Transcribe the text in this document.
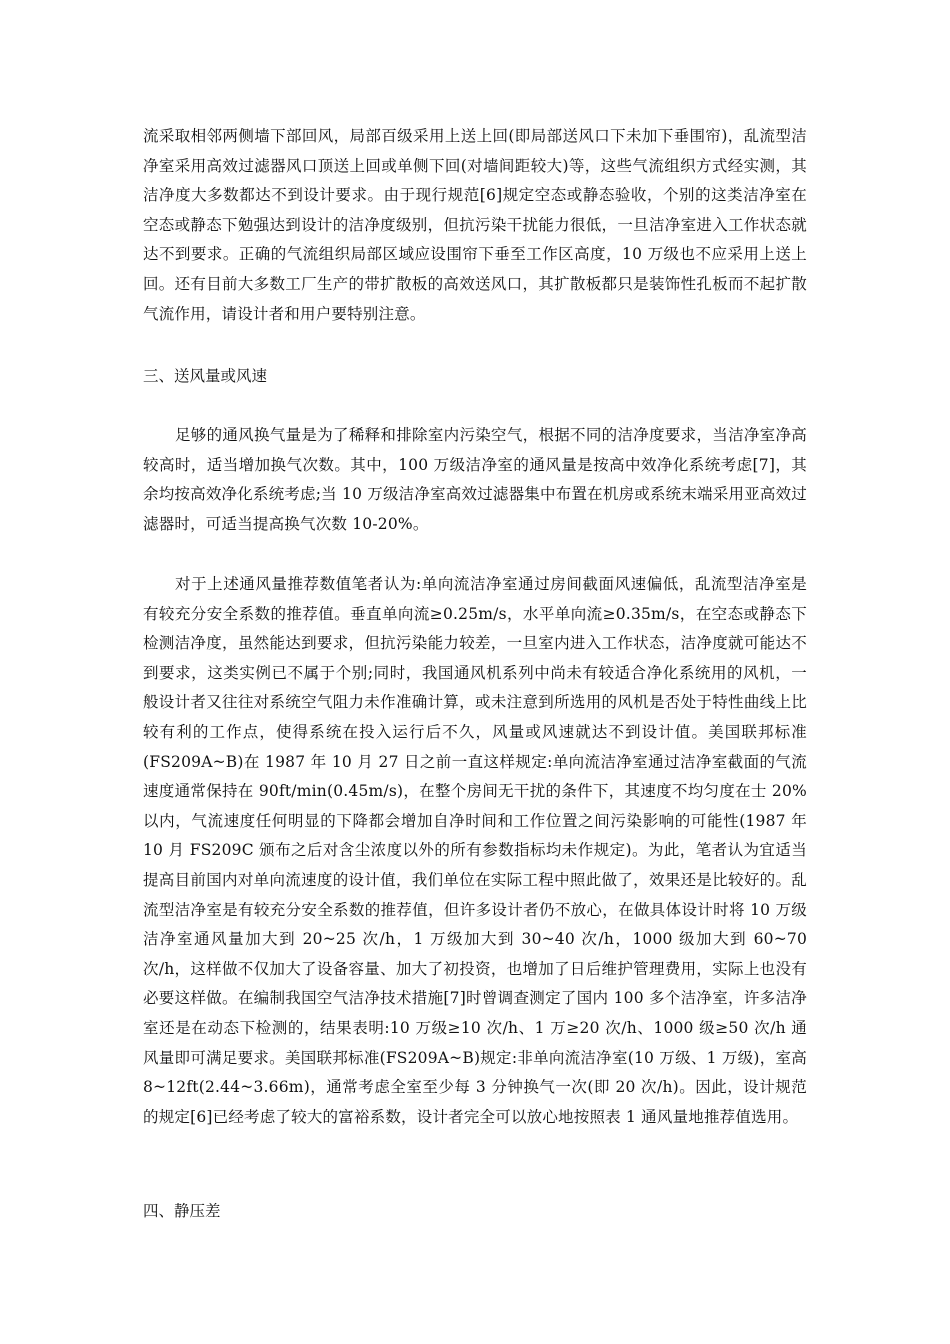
流采取相邻两侧墙下部回风，局部百级采用上送上回(即局部送风口下未加下垂围帘)，乱流型洁净室采用高效过滤器风口顶送上回或单侧下回(对墙间距较大)等，这些气流组织方式经实测，其洁净度大多数都达不到设计要求。由于现行规范[6]规定空态或静态验收，个别的这类洁净室在空态或静态下勉强达到设计的洁净度级别，但抗污染干扰能力很低，一旦洁净室进入工作状态就达不到要求。正确的气流组织局部区域应设围帘下垂至工作区高度，10 万级也不应采用上送上回。还有目前大多数工厂生产的带扩散板的高效送风口，其扩散板都只是装饰性孔板而不起扩散气流作用，请设计者和用户要特别注意。

三、送风量或风速

足够的通风换气量是为了稀释和排除室内污染空气，根据不同的洁净度要求，当洁净室净高较高时，适当增加换气次数。其中，100 万级洁净室的通风量是按高中效净化系统考虑[7]，其余均按高效净化系统考虑;当 10 万级洁净室高效过滤器集中布置在机房或系统末端采用亚高效过滤器时，可适当提高换气次数 10-20%。

对于上述通风量推荐数值笔者认为:单向流洁净室通过房间截面风速偏低，乱流型洁净室是有较充分安全系数的推荐值。垂直单向流≥0.25m/s，水平单向流≥0.35m/s，在空态或静态下检测洁净度，虽然能达到要求，但抗污染能力较差，一旦室内进入工作状态，洁净度就可能达不到要求，这类实例已不属于个别;同时，我国通风机系列中尚未有较适合净化系统用的风机，一般设计者又往往对系统空气阻力未作准确计算，或未注意到所选用的风机是否处于特性曲线上比较有利的工作点，使得系统在投入运行后不久，风量或风速就达不到设计值。美国联邦标准(FS209A~B)在 1987 年 10 月 27 日之前一直这样规定:单向流洁净室通过洁净室截面的气流速度通常保持在 90ft/min(0.45m/s)，在整个房间无干扰的条件下，其速度不均匀度在士 20%以内，气流速度任何明显的下降都会增加自净时间和工作位置之间污染影响的可能性(1987 年 10 月 FS209C 颁布之后对含尘浓度以外的所有参数指标均未作规定)。为此，笔者认为宜适当提高目前国内对单向流速度的设计值，我们单位在实际工程中照此做了，效果还是比较好的。乱流型洁净室是有较充分安全系数的推荐值，但许多设计者仍不放心，在做具体设计时将 10 万级洁净室通风量加大到 20~25 次/h，1 万级加大到 30~40 次/h，1000 级加大到 60~70 次/h，这样做不仅加大了设备容量、加大了初投资，也增加了日后维护管理费用，实际上也没有必要这样做。在编制我国空气洁净技术措施[7]时曾调查测定了国内 100 多个洁净室，许多洁净室还是在动态下检测的，结果表明:10 万级≥10 次/h、1 万≥20 次/h、1000 级≥50 次/h 通风量即可满足要求。美国联邦标准(FS209A~B)规定:非单向流洁净室(10 万级、1 万级)，室高 8~12ft(2.44~3.66m)，通常考虑全室至少每 3 分钟换气一次(即 20 次/h)。因此，设计规范的规定[6]已经考虑了较大的富裕系数，设计者完全可以放心地按照表 1 通风量地推荐值选用。

四、静压差
